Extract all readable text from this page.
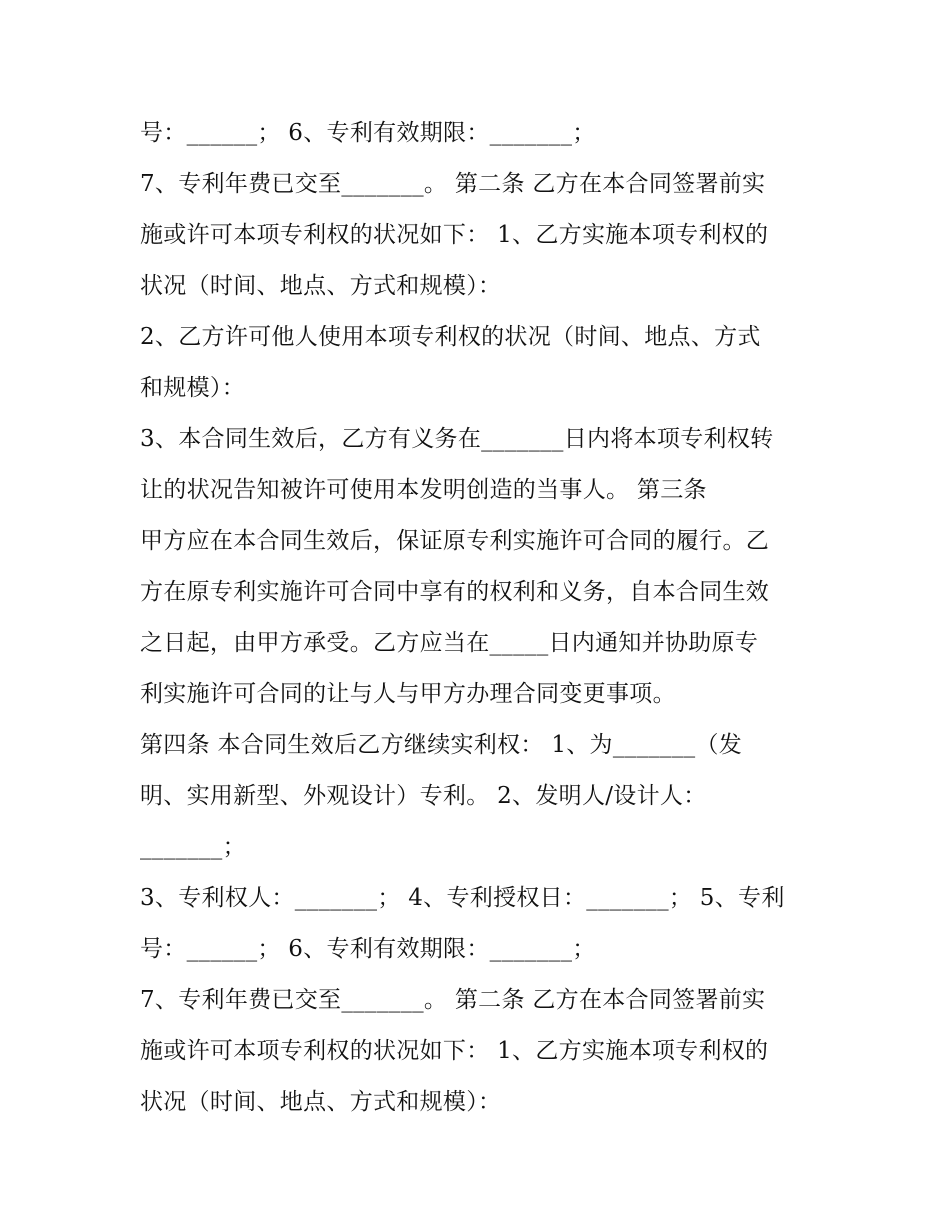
号：______； 6、专利有效期限：_______；
7、专利年费已交至_______。 第二条 乙方在本合同签署前实
施或许可本项专利权的状况如下： 1、乙方实施本项专利权的
状况（时间、地点、方式和规模）：
2、乙方许可他人使用本项专利权的状况（时间、地点、方式
和规模）：
3、本合同生效后，乙方有义务在_______日内将本项专利权转
让的状况告知被许可使用本发明创造的当事人。 第三条
甲方应在本合同生效后，保证原专利实施许可合同的履行。乙
方在原专利实施许可合同中享有的权利和义务，自本合同生效
之日起，由甲方承受。乙方应当在_____日内通知并协助原专
利实施许可合同的让与人与甲方办理合同变更事项。
第四条 本合同生效后乙方继续实利权： 1、为_______（发
明、实用新型、外观设计）专利。 2、发明人/设计人：
_______；
3、专利权人：_______； 4、专利授权日：_______； 5、专利
号：______； 6、专利有效期限：_______；
7、专利年费已交至_______。 第二条 乙方在本合同签署前实
施或许可本项专利权的状况如下： 1、乙方实施本项专利权的
状况（时间、地点、方式和规模）：
